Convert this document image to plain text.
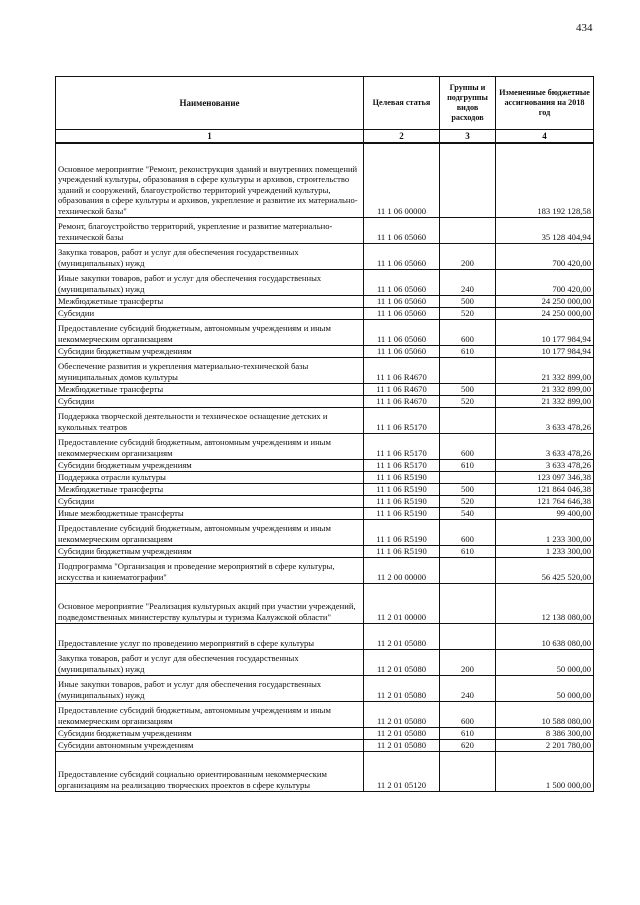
434
Наименование	Целевая статья	Группы и подгруппы видов расходов	Измененные бюджетные ассигнования на 2018 год
1	2	3	4
Основное мероприятие "Ремонт, реконструкция зданий и внутренних помещений учреждений культуры, образования в сфере культуры и архивов, строительство зданий и сооружений, благоустройство территорий учреждений культуры, образования в сфере культуры и архивов, укрепление и развитие их материально-технической базы"	11 1 06 00000		183 192 128,58
Ремонт, благоустройство территорий, укрепление и развитие материально-технической базы	11 1 06 05060		35 128 404,94
Закупка товаров, работ и услуг для обеспечения государственных (муниципальных) нужд	11 1 06 05060	200	700 420,00
Иные закупки товаров, работ и услуг для обеспечения государственных (муниципальных) нужд	11 1 06 05060	240	700 420,00
Межбюджетные трансферты	11 1 06 05060	500	24 250 000,00
Субсидии	11 1 06 05060	520	24 250 000,00
Предоставление субсидий бюджетным, автономным учреждениям и иным некоммерческим организациям	11 1 06 05060	600	10 177 984,94
Субсидии бюджетным учреждениям	11 1 06 05060	610	10 177 984,94
Обеспечение развития и укрепления материально-технической базы муниципальных домов культуры	11 1 06 R4670		21 332 899,00
Межбюджетные трансферты	11 1 06 R4670	500	21 332 899,00
Субсидии	11 1 06 R4670	520	21 332 899,00
Поддержка творческой деятельности и техническое оснащение детских и кукольных театров	11 1 06 R5170		3 633 478,26
Предоставление субсидий бюджетным, автономным учреждениям и иным некоммерческим организациям	11 1 06 R5170	600	3 633 478,26
Субсидии бюджетным учреждениям	11 1 06 R5170	610	3 633 478,26
Поддержка отрасли культуры	11 1 06 R5190		123 097 346,38
Межбюджетные трансферты	11 1 06 R5190	500	121 864 046,38
Субсидии	11 1 06 R5190	520	121 764 646,38
Иные межбюджетные трансферты	11 1 06 R5190	540	99 400,00
Предоставление субсидий бюджетным, автономным учреждениям и иным некоммерческим организациям	11 1 06 R5190	600	1 233 300,00
Субсидии бюджетным учреждениям	11 1 06 R5190	610	1 233 300,00
Подпрограмма "Организация и проведение мероприятий в сфере культуры, искусства и кинематографии"	11 2 00 00000		56 425 520,00
Основное мероприятие "Реализация культурных акций при участии учреждений, подведомственных министерству культуры и туризма Калужской области"	11 2 01 00000		12 138 080,00
Предоставление услуг по проведению мероприятий в сфере культуры	11 2 01 05080		10 638 080,00
Закупка товаров, работ и услуг для обеспечения государственных (муниципальных) нужд	11 2 01 05080	200	50 000,00
Иные закупки товаров, работ и услуг для обеспечения государственных (муниципальных) нужд	11 2 01 05080	240	50 000,00
Предоставление субсидий бюджетным, автономным учреждениям и иным некоммерческим организациям	11 2 01 05080	600	10 588 080,00
Субсидии бюджетным учреждениям	11 2 01 05080	610	8 386 300,00
Субсидии автономным учреждениям	11 2 01 05080	620	2 201 780,00
Предоставление субсидий социально ориентированным некоммерческим организациям на реализацию творческих проектов в сфере культуры	11 2 01 05120		1 500 000,00
